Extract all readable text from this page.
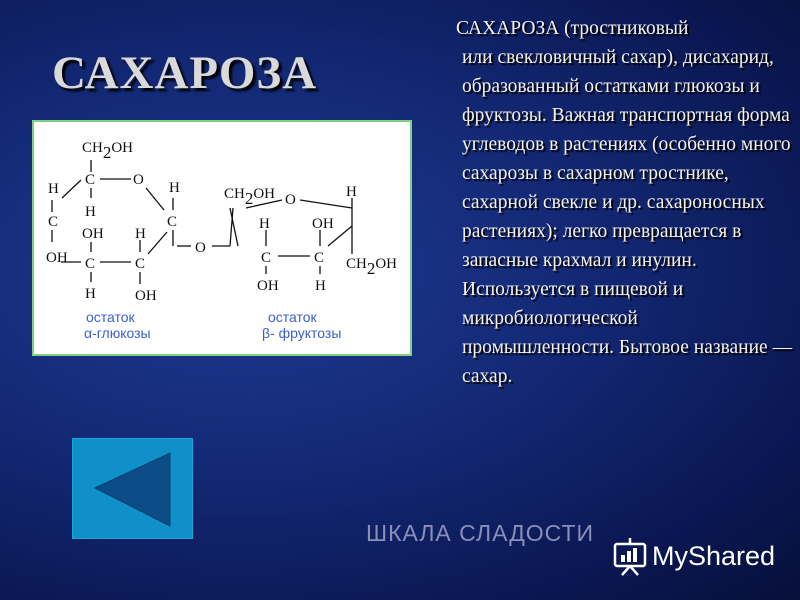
САХАРОЗА
САХАРОЗА (тростниковый
или свекловичный сахар), дисахарид, образованный остатками глюкозы и фруктозы. Важная транспортная форма углеводов в растениях (особенно много сахарозы в сахарном тростнике, сахарной свекле и др. сахароносных растениях); легко превращается в запасные крахмал и инулин. Используется в пищевой и микробиологической промышленности. Бытовое название — сахар.
CH2OH
C	O
H
H
C
OH
OH
C
H
H
C
OH
H
C
O
CH2OH O	H
H
C
OH
OH
C
H
CH2OH
остаток
α-глюкозы
остаток
β- фруктозы
ШКАЛА СЛАДОСТИ
MyShared
